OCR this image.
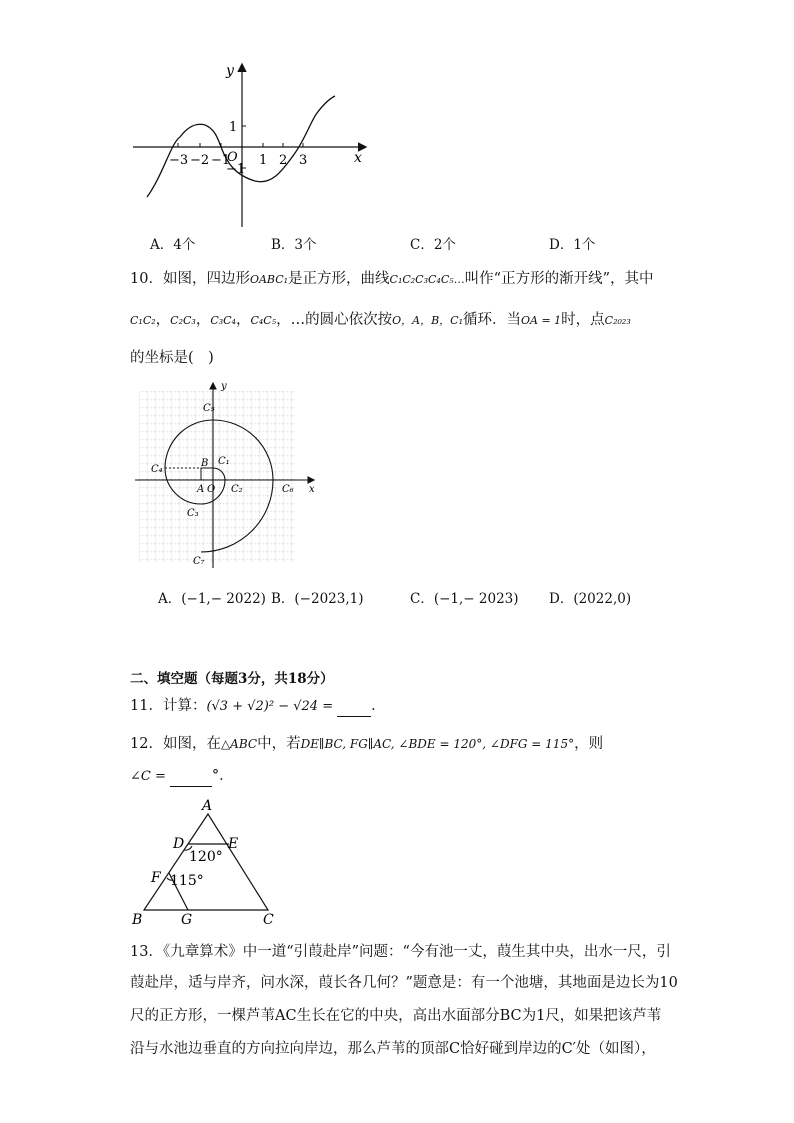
y
x
O
−3 −2 −1 1 2 3
1
−1
A．4个	B．3个	C．2个	D．1个
10．如图，四边形OABC₁是正方形，曲线C₁C₂C₃C₄C₅…叫作“正方形的渐开线”，其中
C₁C₂，C₂C₃，C₃C₄，C₄C₅，…的圆心依次按O，A，B，C₁循环．当OA = 1时，点C₂₀₂₃
的坐标是(　)
y
x
O
A
B C₁
C₂
C₃
C₄
C₅
C₆
C₇
A．(−1,− 2022) B．(−2023,1)	C．(−1,− 2023) D．(2022,0)
二、填空题（每题3分，共18分）
11．计算：(√3 + √2)² − √24 =	．
12．如图，在△ABC中，若DE∥BC, FG∥AC, ∠BDE = 120°, ∠DFG = 115°，则
∠C =	°．
A
D	E
F
B	G	C
120°
115°
13．《九章算术》中一道“引葭赴岸”问题：“今有池一丈，葭生其中央，出水一尺，引
葭赴岸，适与岸齐，问水深，葭长各几何？”题意是：有一个池塘，其地面是边长为10
尺的正方形，一棵芦苇AC生长在它的中央，高出水面部分BC为1尺，如果把该芦苇
沿与水池边垂直的方向拉向岸边，那么芦苇的顶部C恰好碰到岸边的C′处（如图），
